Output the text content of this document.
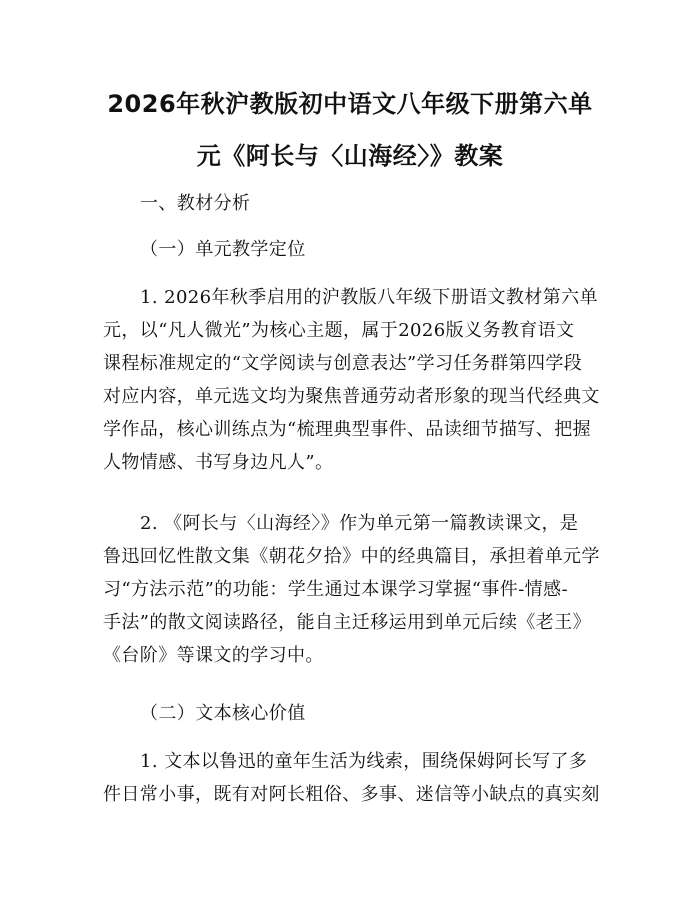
2026年秋沪教版初中语文八年级下册第六单
元《阿长与〈山海经〉》教案
一、教材分析
（一）单元教学定位
1. 2026年秋季启用的沪教版八年级下册语文教材第六单
元，以“凡人微光”为核心主题，属于2026版义务教育语文
课程标准规定的“文学阅读与创意表达”学习任务群第四学段
对应内容，单元选文均为聚焦普通劳动者形象的现当代经典文
学作品，核心训练点为“梳理典型事件、品读细节描写、把握
人物情感、书写身边凡人”。
2. 《阿长与〈山海经〉》作为单元第一篇教读课文，是
鲁迅回忆性散文集《朝花夕拾》中的经典篇目，承担着单元学
习“方法示范”的功能：学生通过本课学习掌握“事件-情感-
手法”的散文阅读路径，能自主迁移运用到单元后续《老王》
《台阶》等课文的学习中。
（二）文本核心价值
1. 文本以鲁迅的童年生活为线索，围绕保姆阿长写了多
件日常小事，既有对阿长粗俗、多事、迷信等小缺点的真实刻
